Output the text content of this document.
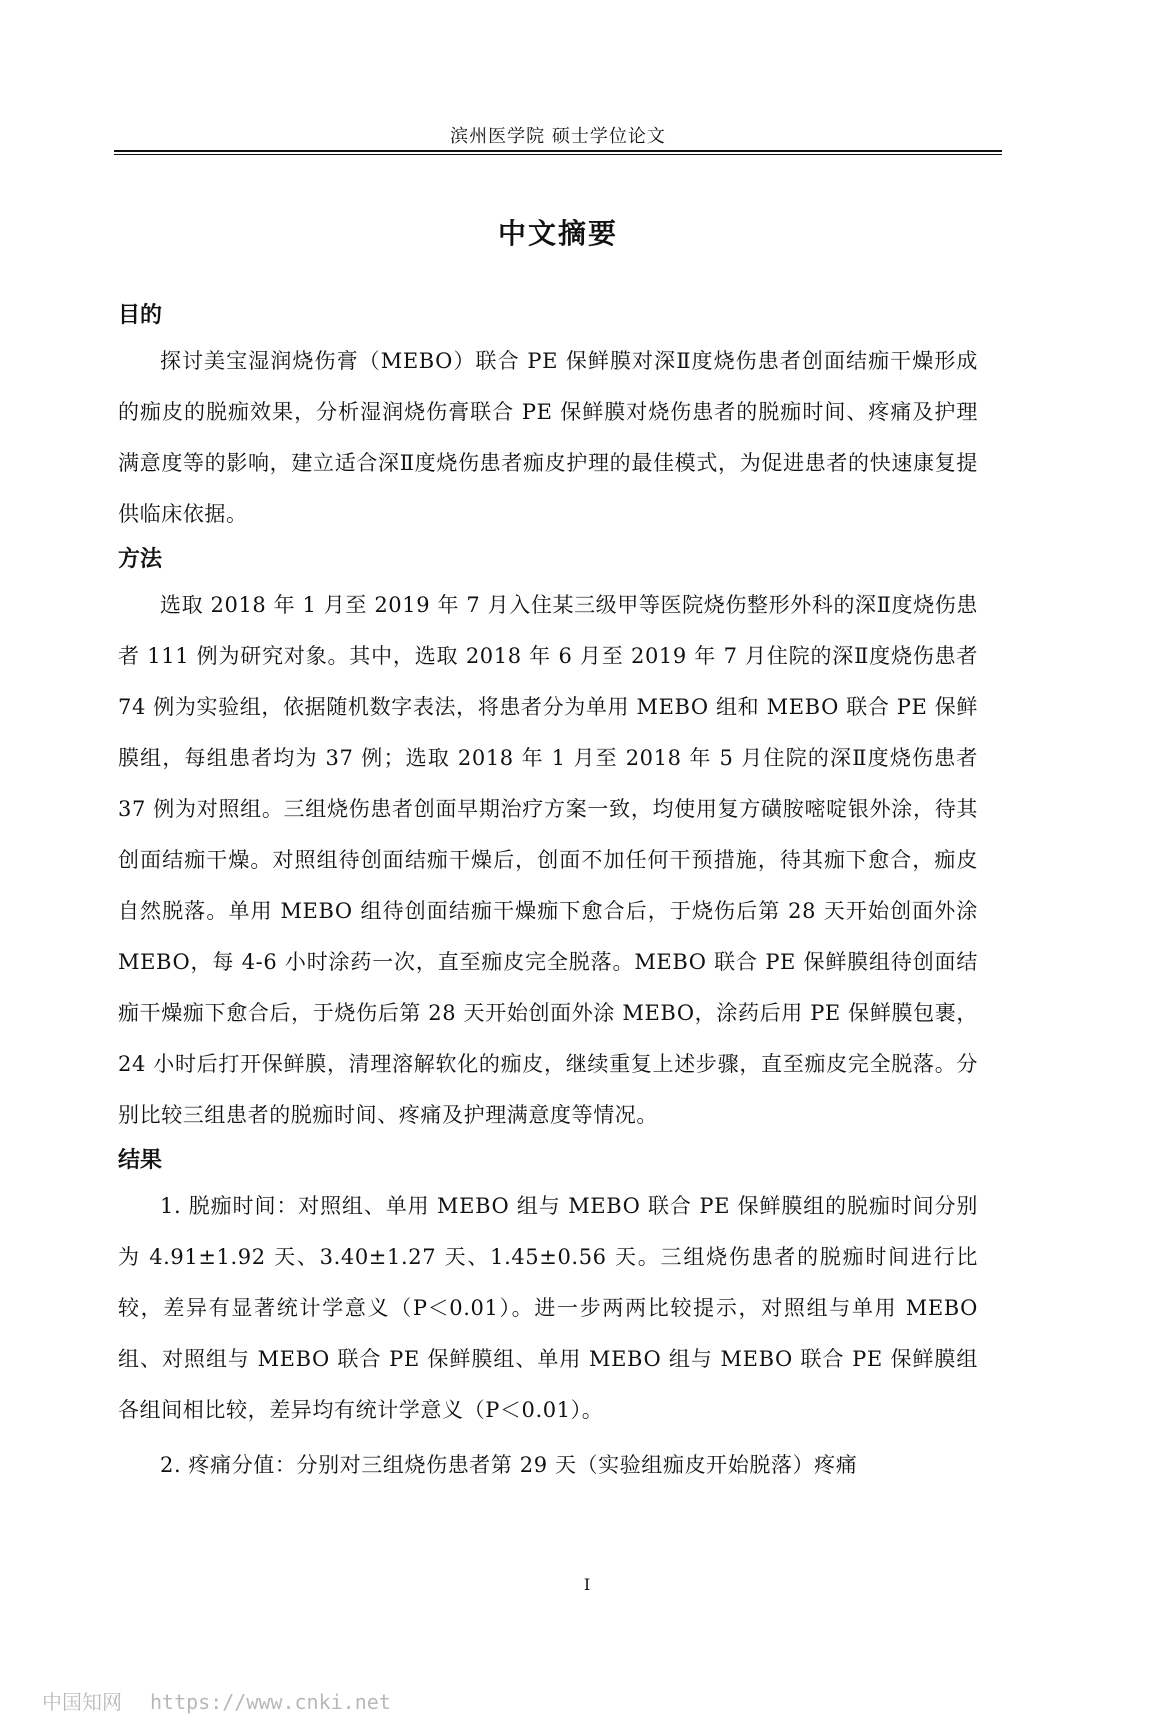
滨州医学院 硕士学位论文
中文摘要
目的

探讨美宝湿润烧伤膏（MEBO）联合 PE 保鲜膜对深Ⅱ度烧伤患者创面结痂干燥形成的痂皮的脱痂效果，分析湿润烧伤膏联合 PE 保鲜膜对烧伤患者的脱痂时间、疼痛及护理满意度等的影响，建立适合深Ⅱ度烧伤患者痂皮护理的最佳模式，为促进患者的快速康复提供临床依据。

方法

选取 2018 年 1 月至 2019 年 7 月入住某三级甲等医院烧伤整形外科的深Ⅱ度烧伤患者 111 例为研究对象。其中，选取 2018 年 6 月至 2019 年 7 月住院的深Ⅱ度烧伤患者 74 例为实验组，依据随机数字表法，将患者分为单用 MEBO 组和 MEBO 联合 PE 保鲜膜组，每组患者均为 37 例；选取 2018 年 1 月至 2018 年 5 月住院的深Ⅱ度烧伤患者 37 例为对照组。三组烧伤患者创面早期治疗方案一致，均使用复方磺胺嘧啶银外涂，待其创面结痂干燥。对照组待创面结痂干燥后，创面不加任何干预措施，待其痂下愈合，痂皮自然脱落。单用 MEBO 组待创面结痂干燥痂下愈合后，于烧伤后第 28 天开始创面外涂 MEBO，每 4-6 小时涂药一次，直至痂皮完全脱落。MEBO 联合 PE 保鲜膜组待创面结痂干燥痂下愈合后，于烧伤后第 28 天开始创面外涂 MEBO，涂药后用 PE 保鲜膜包裹，24 小时后打开保鲜膜，清理溶解软化的痂皮，继续重复上述步骤，直至痂皮完全脱落。分别比较三组患者的脱痂时间、疼痛及护理满意度等情况。

结果

1. 脱痂时间：对照组、单用 MEBO 组与 MEBO 联合 PE 保鲜膜组的脱痂时间分别为 4.91±1.92 天、3.40±1.27 天、1.45±0.56 天。三组烧伤患者的脱痂时间进行比较，差异有显著统计学意义（P＜0.01）。进一步两两比较提示，对照组与单用 MEBO 组、对照组与 MEBO 联合 PE 保鲜膜组、单用 MEBO 组与 MEBO 联合 PE 保鲜膜组各组间相比较，差异均有统计学意义（P＜0.01）。

2. 疼痛分值：分别对三组烧伤患者第 29 天（实验组痂皮开始脱落）疼痛

I
中国知网 https://www.cnki.net
